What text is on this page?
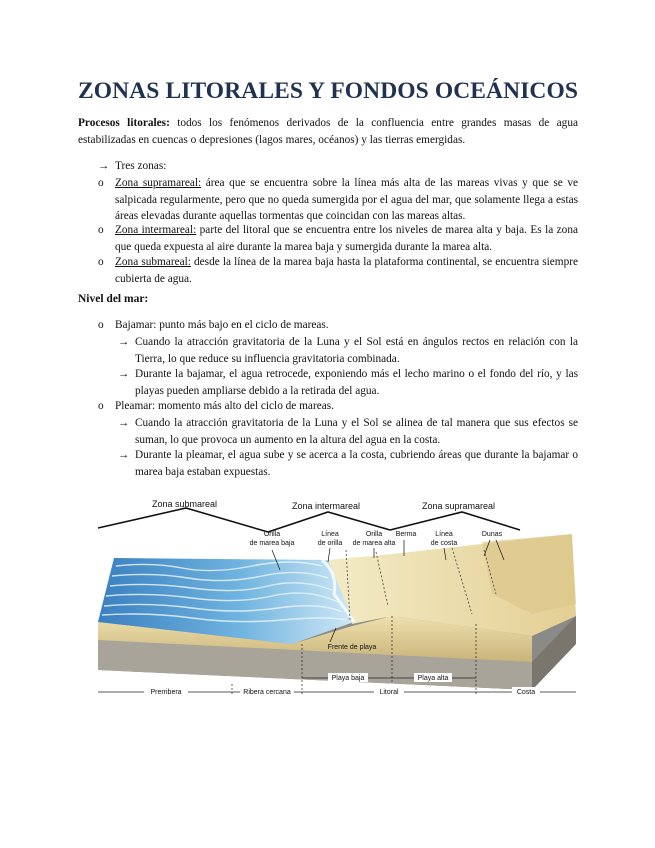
ZONAS LITORALES Y FONDOS OCEÁNICOS
Procesos litorales: todos los fenómenos derivados de la confluencia entre grandes masas de agua estabilizadas en cuencas o depresiones (lagos mares, océanos) y las tierras emergidas.
→ Tres zonas:
o Zona supramareal: área que se encuentra sobre la línea más alta de las mareas vivas y que se ve salpicada regularmente, pero que no queda sumergida por el agua del mar, que solamente llega a estas áreas elevadas durante aquellas tormentas que coincidan con las mareas altas.
o Zona intermareal: parte del litoral que se encuentra entre los niveles de marea alta y baja. Es la zona que queda expuesta al aire durante la marea baja y sumergida durante la marea alta.
o Zona submareal: desde la línea de la marea baja hasta la plataforma continental, se encuentra siempre cubierta de agua.
Nivel del mar:
o Bajamar: punto más bajo en el ciclo de mareas.
→ Cuando la atracción gravitatoria de la Luna y el Sol está en ángulos rectos en relación con la Tierra, lo que reduce su influencia gravitatoria combinada.
→ Durante la bajamar, el agua retrocede, exponiendo más el lecho marino o el fondo del río, y las playas pueden ampliarse debido a la retirada del agua.
o Pleamar: momento más alto del ciclo de mareas.
→ Cuando la atracción gravitatoria de la Luna y el Sol se alinea de tal manera que sus efectos se suman, lo que provoca un aumento en la altura del agua en la costa.
→ Durante la pleamar, el agua sube y se acerca a la costa, cubriendo áreas que durante la bajamar o marea baja estaban expuestas.
Zona submareal	Zona intermareal	Zona supramareal
Orilla
de marea baja
Línea
de orilla
Orilla
de marea alta
Berma	Línea
de costa
Dunas
Frente de playa
Playa baja	Playa alta
Prerribera	Ribera cercana	Litoral	Costa
